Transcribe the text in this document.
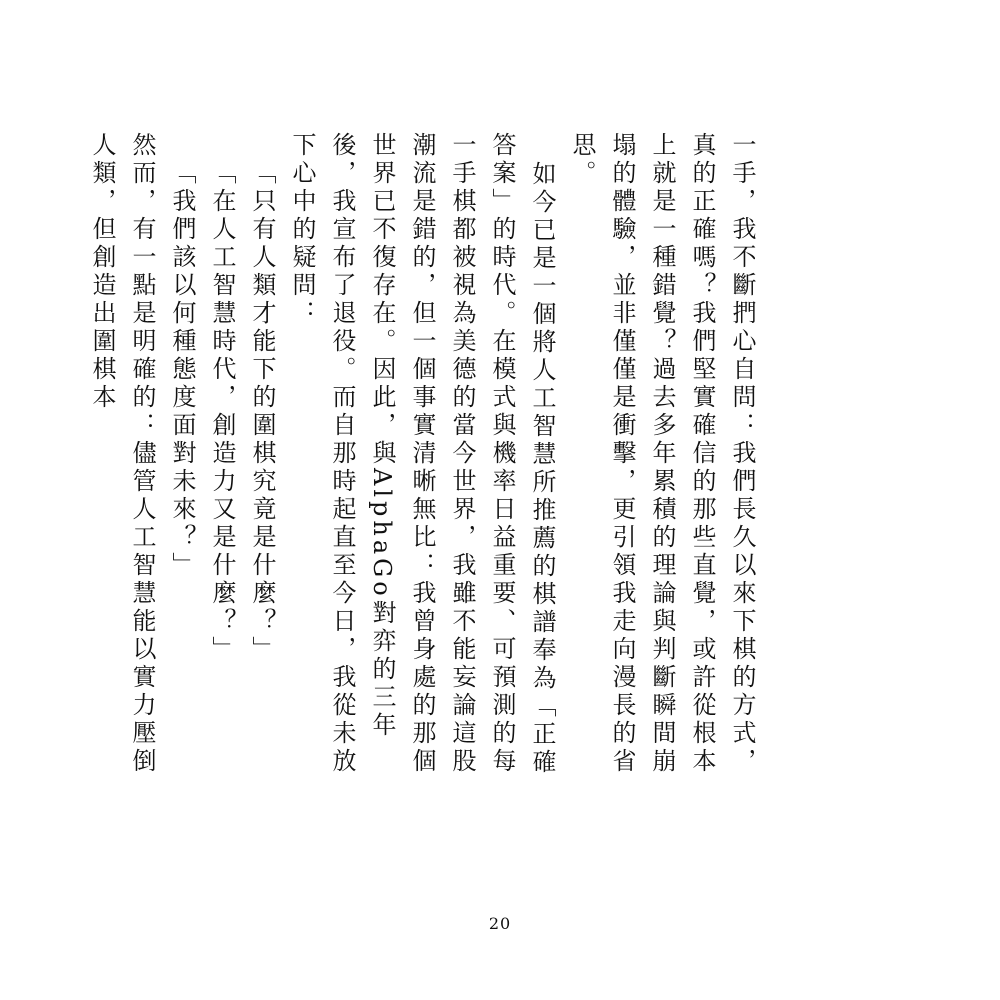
一手，我不斷捫心自問：我們長久以來下棋的方式，真的正確嗎？我們堅實確信的那些直覺，或許從根本上就是一種錯覺？過去多年累積的理論與判斷瞬間崩塌的體驗，並非僅僅是衝擊，更引領我走向漫長的省思。

如今已是一個將人工智慧所推薦的棋譜奉為「正確答案」的時代。在模式與機率日益重要、可預測的每一手棋都被視為美德的當今世界，我雖不能妄論這股潮流是錯的，但一個事實清晰無比：我曾身處的那個世界已不復存在。因此，與AlphaGo對弈的三年後，我宣布了退役。而自那時起直至今日，我從未放下心中的疑問：

「只有人類才能下的圍棋究竟是什麼？」

「在人工智慧時代，創造力又是什麼？」

「我們該以何種態度面對未來？」

然而，有一點是明確的：儘管人工智慧能以實力壓倒人類，但創造出圍棋本

20
